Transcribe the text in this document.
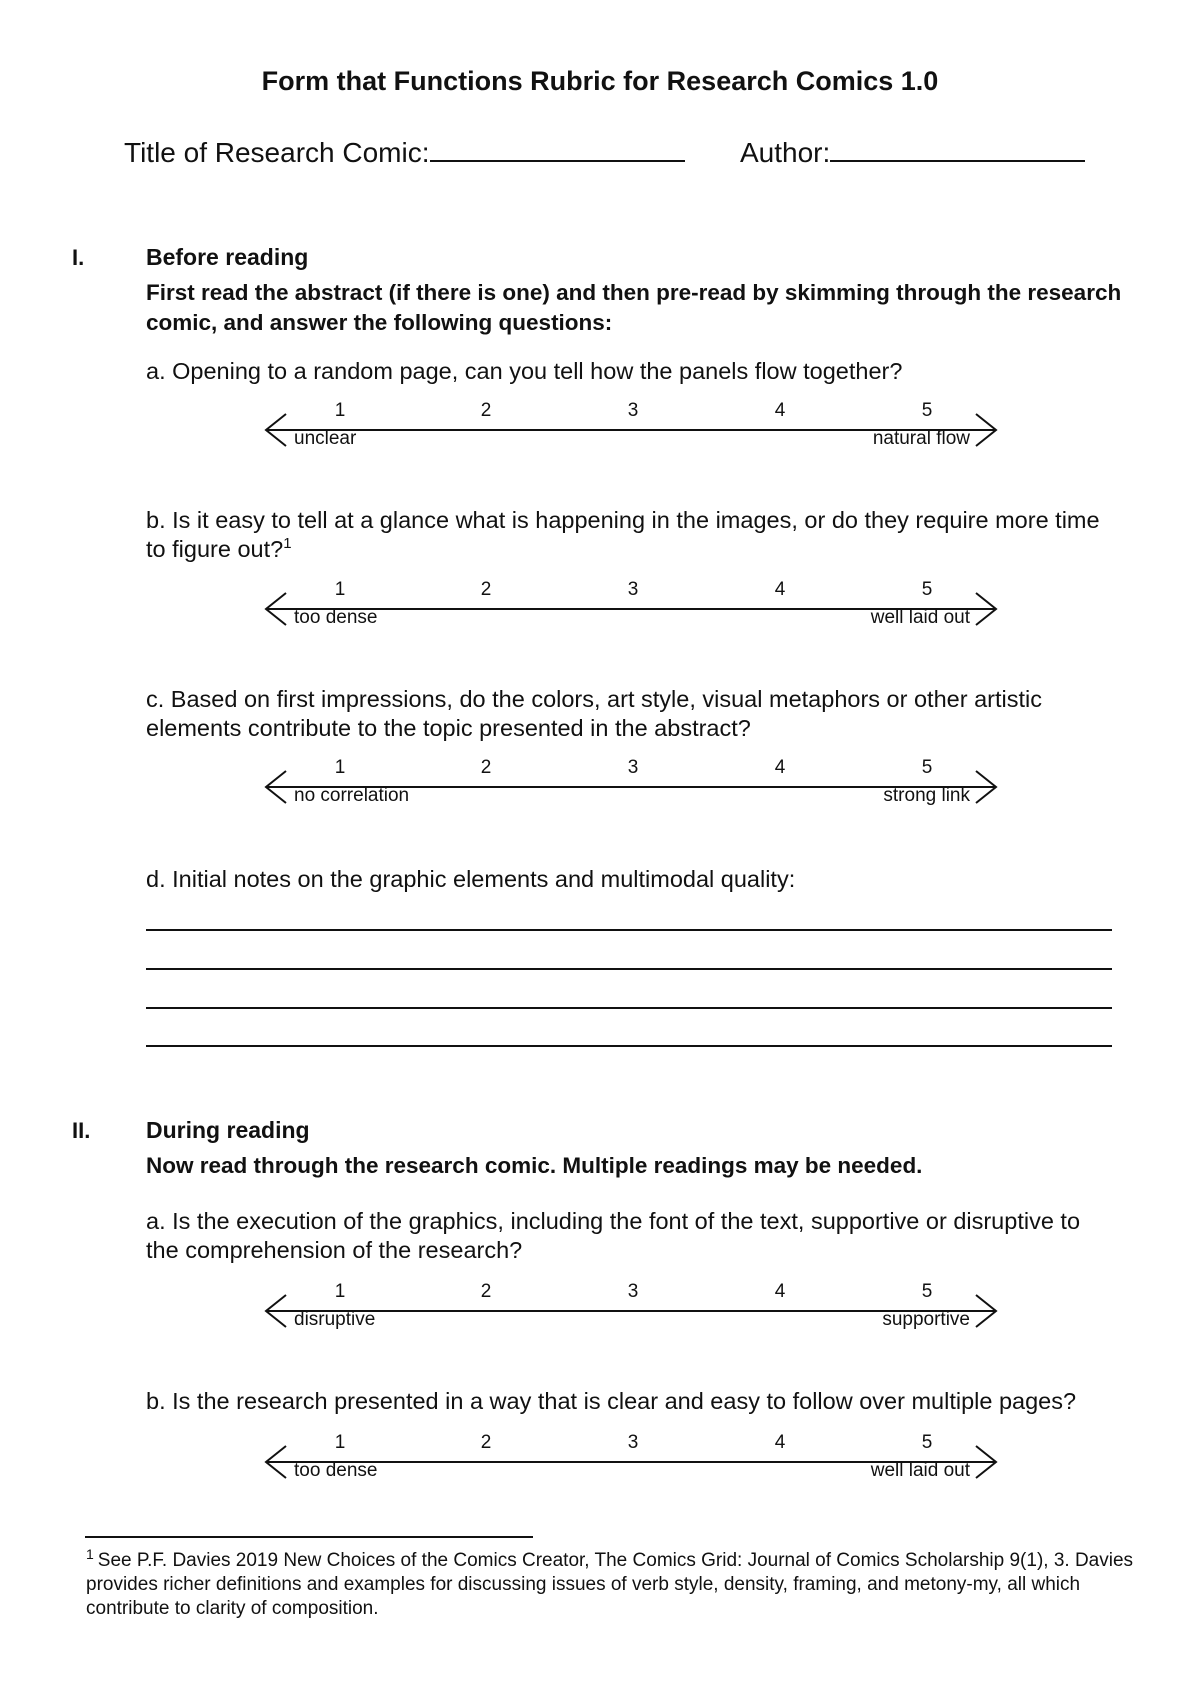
Form that Functions Rubric for Research Comics 1.0
Title of Research Comic:	Author:
I.	Before reading
First read the abstract (if there is one) and then pre-read by skimming through the research comic, and answer the following questions:
a. Opening to a random page, can you tell how the panels flow together?
1	2	3	4	5
unclear	natural flow
b. Is it easy to tell at a glance what is happening in the images, or do they require more time to figure out?$^1$
1	2	3	4	5
too dense	well laid out
c. Based on first impressions, do the colors, art style, visual metaphors or other artistic elements contribute to the topic presented in the abstract?
1	2	3	4	5
no correlation	strong link
d. Initial notes on the graphic elements and multimodal quality:
II. During reading
Now read through the research comic. Multiple readings may be needed.
a. Is the execution of the graphics, including the font of the text, supportive or disruptive to the comprehension of the research?
1	2	3	4	5
disruptive	supportive
b. Is the research presented in a way that is clear and easy to follow over multiple pages?
1	2	3	4	5
too dense	well laid out
$^1$ See P.F. Davies 2019 New Choices of the Comics Creator, The Comics Grid: Journal of Comics Scholarship 9(1), 3. Davies provides richer definitions and examples for discussing issues of verb style, density, framing, and metony-my, all which contribute to clarity of composition.
